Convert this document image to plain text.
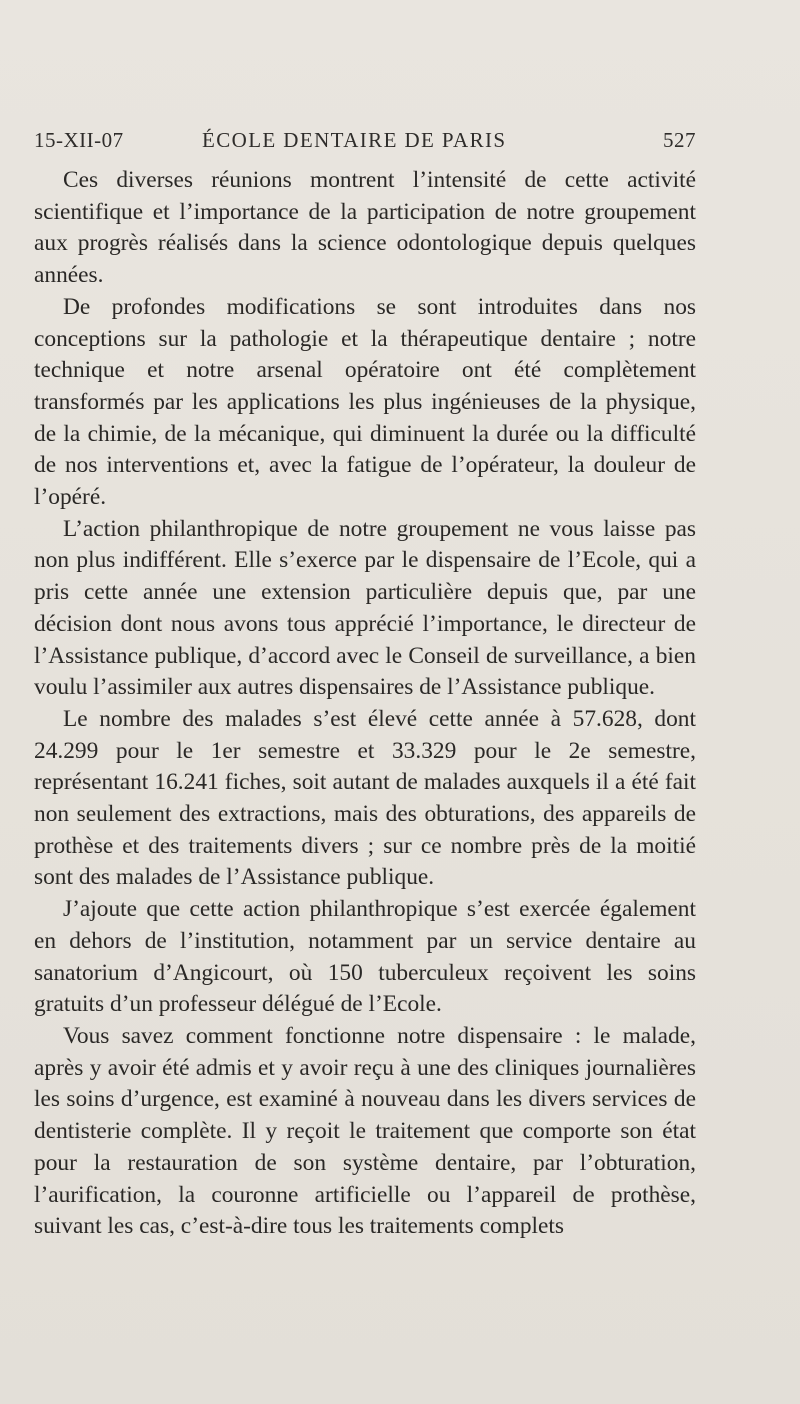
15-XII-07	ÉCOLE DENTAIRE DE PARIS	527

Ces diverses réunions montrent l’intensité de cette activité scientifique et l’importance de la participation de notre groupement aux progrès réalisés dans la science odontologique depuis quelques années.

De profondes modifications se sont introduites dans nos conceptions sur la pathologie et la thérapeutique dentaire ; notre technique et notre arsenal opératoire ont été complètement transformés par les applications les plus ingénieuses de la physique, de la chimie, de la mécanique, qui diminuent la durée ou la difficulté de nos interventions et, avec la fatigue de l’opérateur, la douleur de l’opéré.

L’action philanthropique de notre groupement ne vous laisse pas non plus indifférent. Elle s’exerce par le dispensaire de l’Ecole, qui a pris cette année une extension particulière depuis que, par une décision dont nous avons tous apprécié l’importance, le directeur de l’Assistance publique, d’accord avec le Conseil de surveillance, a bien voulu l’assimiler aux autres dispensaires de l’Assistance publique.

Le nombre des malades s’est élevé cette année à 57.628, dont 24.299 pour le 1er semestre et 33.329 pour le 2e semestre, représentant 16.241 fiches, soit autant de malades auxquels il a été fait non seulement des extractions, mais des obturations, des appareils de prothèse et des traitements divers ; sur ce nombre près de la moitié sont des malades de l’Assistance publique.

J’ajoute que cette action philanthropique s’est exercée également en dehors de l’institution, notamment par un service dentaire au sanatorium d’Angicourt, où 150 tuberculeux reçoivent les soins gratuits d’un professeur délégué de l’Ecole.

Vous savez comment fonctionne notre dispensaire : le malade, après y avoir été admis et y avoir reçu à une des cliniques journalières les soins d’urgence, est examiné à nouveau dans les divers services de dentisterie complète. Il y reçoit le traitement que comporte son état pour la restauration de son système dentaire, par l’obturation, l’aurification, la couronne artificielle ou l’appareil de prothèse, suivant les cas, c’est-à-dire tous les traitements complets
